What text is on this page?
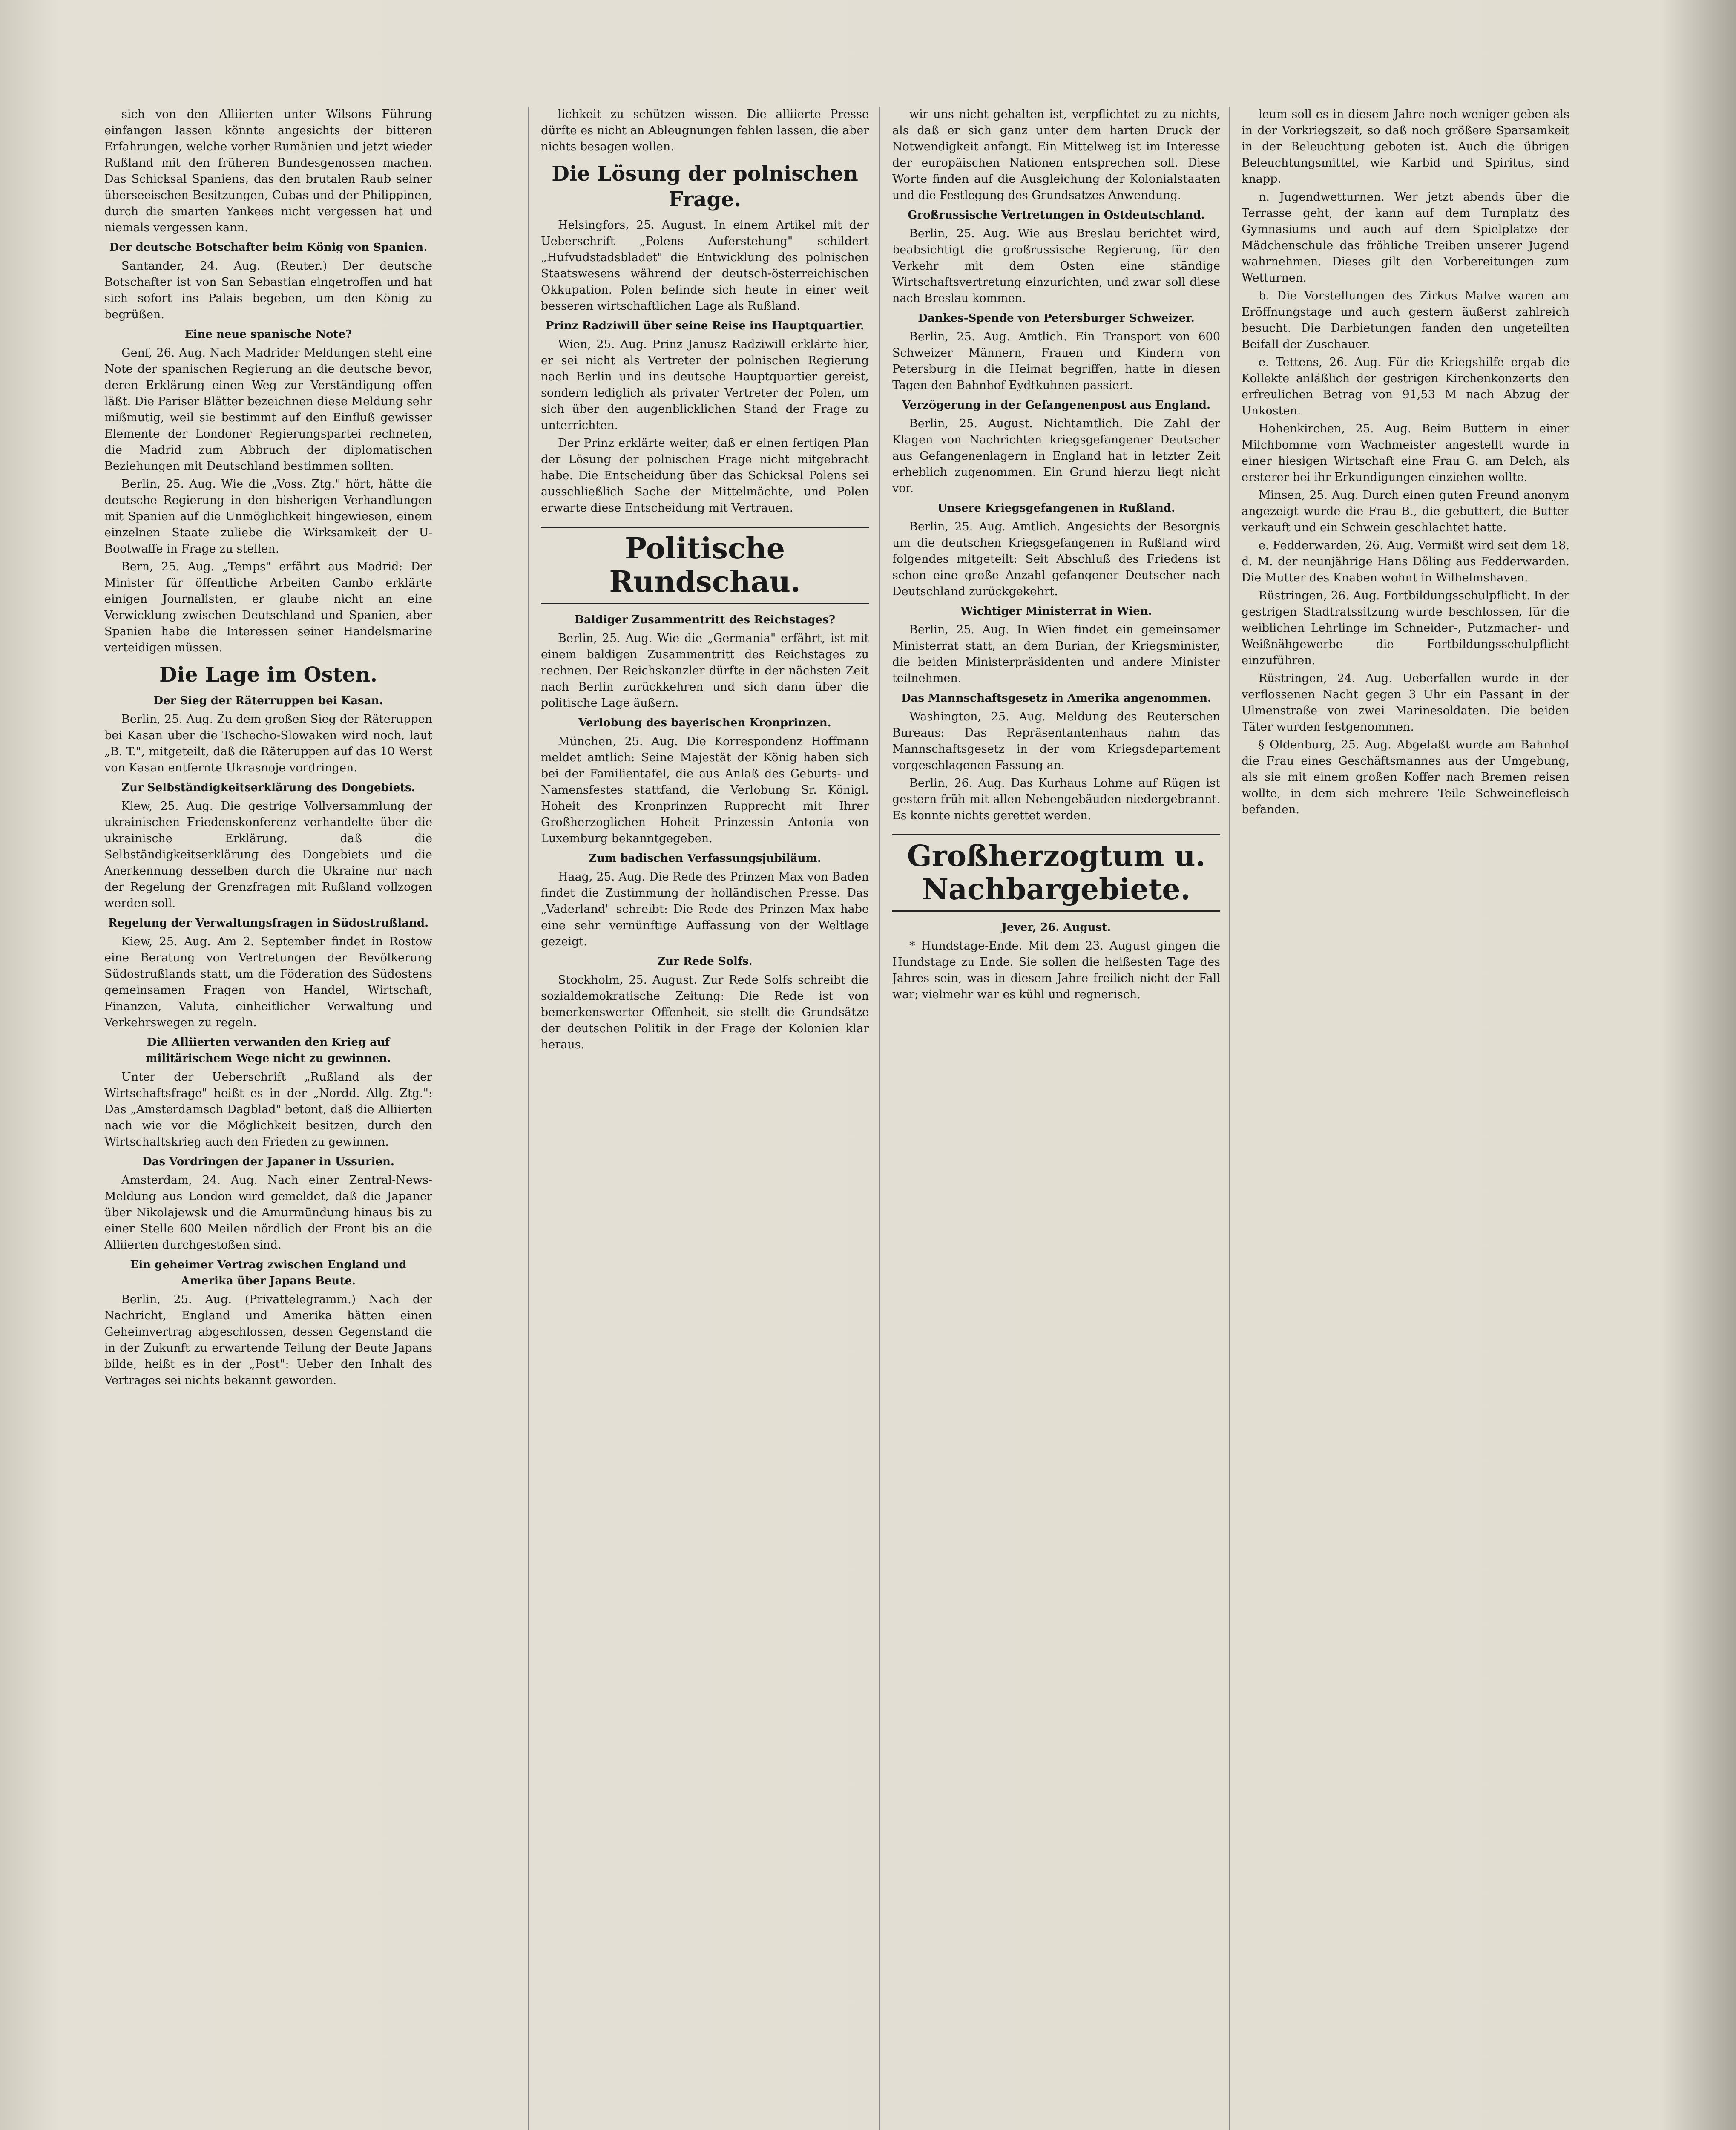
sich von den Alliierten unter Wilsons Führung einfangen lassen könnte angesichts der bitteren Erfahrungen, welche vorher Rumänien und jetzt wieder Rußland mit den früheren Bundesgenossen machen. Das Schicksal Spaniens, das den brutalen Raub seiner überseeischen Besitzungen, Cubas und der Philippinen, durch die smarten Yankees nicht vergessen hat und niemals vergessen kann.
Der deutsche Botschafter beim König von Spanien.
Santander, 24. Aug. (Reuter.) Der deutsche Botschafter ist von San Sebastian eingetroffen und hat sich sofort ins Palais begeben, um den König zu begrüßen.
Eine neue spanische Note?
Genf, 26. Aug. Nach Madrider Meldungen steht eine Note der spanischen Regierung an die deutsche bevor, deren Erklärung einen Weg zur Verständigung offen läßt. Die Pariser Blätter bezeichnen diese Meldung sehr mißmutig, weil sie bestimmt auf den Einfluß gewisser Elemente der Londoner Regierungspartei rechneten, die Madrid zum Abbruch der diplomatischen Beziehungen mit Deutschland bestimmen sollten.
Berlin, 25. Aug. Wie die „Voss. Ztg." hört, hätte die deutsche Regierung in den bisherigen Verhandlungen mit Spanien auf die Unmöglichkeit hingewiesen, einem einzelnen Staate zuliebe die Wirksamkeit der U-Bootwaffe in Frage zu stellen.
Bern, 25. Aug. „Temps" erfährt aus Madrid: Der Minister für öffentliche Arbeiten Cambo erklärte einigen Journalisten, er glaube nicht an eine Verwicklung zwischen Deutschland und Spanien, aber Spanien habe die Interessen seiner Handelsmarine verteidigen müssen.
Die Lage im Osten.
Der Sieg der Räterruppen bei Kasan.
Berlin, 25. Aug. Zu dem großen Sieg der Räteruppen bei Kasan über die Tschecho-Slowaken wird noch, laut „B. T.", mitgeteilt, daß die Räteruppen auf das 10 Werst von Kasan entfernte Ukrasnoje vordringen.
Zur Selbständigkeitserklärung des Dongebiets.
Kiew, 25. Aug. Die gestrige Vollversammlung der ukrainischen Friedenskonferenz verhandelte über die ukrainische Erklärung, daß die Selbständigkeitserklärung des Dongebiets und die Anerkennung desselben durch die Ukraine nur nach der Regelung der Grenzfragen mit Rußland vollzogen werden soll.
Regelung der Verwaltungsfragen in Südostrußland.
Kiew, 25. Aug. Am 2. September findet in Rostow eine Beratung von Vertretungen der Bevölkerung Südostrußlands statt, um die Föderation des Südostens gemeinsamen Fragen von Handel, Wirtschaft, Finanzen, Valuta, einheitlicher Verwaltung und Verkehrswegen zu regeln.
Die Alliierten verwanden den Krieg auf militärischem Wege nicht zu gewinnen.
Unter der Ueberschrift „Rußland als der Wirtschaftsfrage" heißt es in der „Nordd. Allg. Ztg.": Das „Amsterdamsch Dagblad" betont, daß die Alliierten nach wie vor die Möglichkeit besitzen, durch den Wirtschaftskrieg auch den Frieden zu gewinnen.
Das Vordringen der Japaner in Ussurien.
Amsterdam, 24. Aug. Nach einer Zentral-News-Meldung aus London wird gemeldet, daß die Japaner über Nikolajewsk und die Amurmündung hinaus bis zu einer Stelle 600 Meilen nördlich der Front bis an die Alliierten durchgestoßen sind.
Ein geheimer Vertrag zwischen England und Amerika über Japans Beute.
Berlin, 25. Aug. (Privattelegramm.) Nach der Nachricht, England und Amerika hätten einen Geheimvertrag abgeschlossen, dessen Gegenstand die in der Zukunft zu erwartende Teilung der Beute Japans bilde, heißt es in der „Post": Ueber den Inhalt des Vertrages sei nichts bekannt geworden.
lichkeit zu schützen wissen. Die alliierte Presse dürfte es nicht an Ableugnungen fehlen lassen, die aber nichts besagen wollen.
Die Lösung der polnischen Frage.
Helsingfors, 25. August. In einem Artikel mit der Ueberschrift „Polens Auferstehung" schildert „Hufvudstadsbladet" die Entwicklung des polnischen Staatswesens während der deutsch-österreichischen Okkupation. Polen befinde sich heute in einer weit besseren wirtschaftlichen Lage als Rußland.
Prinz Radziwill über seine Reise ins Hauptquartier.
Wien, 25. Aug. Prinz Janusz Radziwill erklärte hier, er sei nicht als Vertreter der polnischen Regierung nach Berlin und ins deutsche Hauptquartier gereist, sondern lediglich als privater Vertreter der Polen, um sich über den augenblicklichen Stand der Frage zu unterrichten.
Der Prinz erklärte weiter, daß er einen fertigen Plan der Lösung der polnischen Frage nicht mitgebracht habe. Die Entscheidung über das Schicksal Polens sei ausschließlich Sache der Mittelmächte, und Polen erwarte diese Entscheidung mit Vertrauen.
Politische Rundschau.
Baldiger Zusammentritt des Reichstages?
Berlin, 25. Aug. Wie die „Germania" erfährt, ist mit einem baldigen Zusammentritt des Reichstages zu rechnen. Der Reichskanzler dürfte in der nächsten Zeit nach Berlin zurückkehren und sich dann über die politische Lage äußern.
Verlobung des bayerischen Kronprinzen.
München, 25. Aug. Die Korrespondenz Hoffmann meldet amtlich: Seine Majestät der König haben sich bei der Familientafel, die aus Anlaß des Geburts- und Namensfestes stattfand, die Verlobung Sr. Königl. Hoheit des Kronprinzen Rupprecht mit Ihrer Großherzoglichen Hoheit Prinzessin Antonia von Luxemburg bekanntgegeben.
Zum badischen Verfassungsjubiläum.
Haag, 25. Aug. Die Rede des Prinzen Max von Baden findet die Zustimmung der holländischen Presse. Das „Vaderland" schreibt: Die Rede des Prinzen Max habe eine sehr vernünftige Auffassung von der Weltlage gezeigt.
Zur Rede Solfs.
Stockholm, 25. August. Zur Rede Solfs schreibt die sozialdemokratische Zeitung: Die Rede ist von bemerkenswerter Offenheit, sie stellt die Grundsätze der deutschen Politik in der Frage der Kolonien klar heraus.
wir uns nicht gehalten ist, verpflichtet zu zu nichts, als daß er sich ganz unter dem harten Druck der Notwendigkeit anfangt. Ein Mittelweg ist im Interesse der europäischen Nationen entsprechen soll. Diese Worte finden auf die Ausgleichung der Kolonialstaaten und die Festlegung des Grundsatzes Anwendung.
Großrussische Vertretungen in Ostdeutschland.
Berlin, 25. Aug. Wie aus Breslau berichtet wird, beabsichtigt die großrussische Regierung, für den Verkehr mit dem Osten eine ständige Wirtschaftsvertretung einzurichten, und zwar soll diese nach Breslau kommen.
Dankes-Spende von Petersburger Schweizer.
Berlin, 25. Aug. Amtlich. Ein Transport von 600 Schweizer Männern, Frauen und Kindern von Petersburg in die Heimat begriffen, hatte in diesen Tagen den Bahnhof Eydtkuhnen passiert.
Verzögerung in der Gefangenenpost aus England.
Berlin, 25. August. Nichtamtlich. Die Zahl der Klagen von Nachrichten kriegsgefangener Deutscher aus Gefangenenlagern in England hat in letzter Zeit erheblich zugenommen. Ein Grund hierzu liegt nicht vor.
Unsere Kriegsgefangenen in Rußland.
Berlin, 25. Aug. Amtlich. Angesichts der Besorgnis um die deutschen Kriegsgefangenen in Rußland wird folgendes mitgeteilt: Seit Abschluß des Friedens ist schon eine große Anzahl gefangener Deutscher nach Deutschland zurückgekehrt.
Wichtiger Ministerrat in Wien.
Berlin, 25. Aug. In Wien findet ein gemeinsamer Ministerrat statt, an dem Burian, der Kriegsminister, die beiden Ministerpräsidenten und andere Minister teilnehmen.
Das Mannschaftsgesetz in Amerika angenommen.
Washington, 25. Aug. Meldung des Reuterschen Bureaus: Das Repräsentantenhaus nahm das Mannschaftsgesetz in der vom Kriegsdepartement vorgeschlagenen Fassung an.
Berlin, 26. Aug. Das Kurhaus Lohme auf Rügen ist gestern früh mit allen Nebengebäuden niedergebrannt. Es konnte nichts gerettet werden.
Großherzogtum u. Nachbargebiete.
Jever, 26. August.
* Hundstage-Ende. Mit dem 23. August gingen die Hundstage zu Ende. Sie sollen die heißesten Tage des Jahres sein, was in diesem Jahre freilich nicht der Fall war; vielmehr war es kühl und regnerisch.
leum soll es in diesem Jahre noch weniger geben als in der Vorkriegszeit, so daß noch größere Sparsamkeit in der Beleuchtung geboten ist. Auch die übrigen Beleuchtungsmittel, wie Karbid und Spiritus, sind knapp.
n. Jugendwetturnen. Wer jetzt abends über die Terrasse geht, der kann auf dem Turnplatz des Gymnasiums und auch auf dem Spielplatze der Mädchenschule das fröhliche Treiben unserer Jugend wahrnehmen. Dieses gilt den Vorbereitungen zum Wetturnen.
b. Die Vorstellungen des Zirkus Malve waren am Eröffnungstage und auch gestern äußerst zahlreich besucht. Die Darbietungen fanden den ungeteilten Beifall der Zuschauer.
e. Tettens, 26. Aug. Für die Kriegshilfe ergab die Kollekte anläßlich der gestrigen Kirchenkonzerts den erfreulichen Betrag von 91,53 M nach Abzug der Unkosten.
Hohenkirchen, 25. Aug. Beim Buttern in einer Milchbomme vom Wachmeister angestellt wurde in einer hiesigen Wirtschaft eine Frau G. am Delch, als ersterer bei ihr Erkundigungen einziehen wollte.
Minsen, 25. Aug. Durch einen guten Freund anonym angezeigt wurde die Frau B., die gebuttert, die Butter verkauft und ein Schwein geschlachtet hatte.
e. Fedderwarden, 26. Aug. Vermißt wird seit dem 18. d. M. der neunjährige Hans Döling aus Fedderwarden. Die Mutter des Knaben wohnt in Wilhelmshaven.
Rüstringen, 26. Aug. Fortbildungsschulpflicht. In der gestrigen Stadtratssitzung wurde beschlossen, für die weiblichen Lehrlinge im Schneider-, Putzmacher- und Weißnähgewerbe die Fortbildungsschulpflicht einzuführen.
Rüstringen, 24. Aug. Ueberfallen wurde in der verflossenen Nacht gegen 3 Uhr ein Passant in der Ulmenstraße von zwei Marinesoldaten. Die beiden Täter wurden festgenommen.
§ Oldenburg, 25. Aug. Abgefaßt wurde am Bahnhof die Frau eines Geschäftsmannes aus der Umgebung, als sie mit einem großen Koffer nach Bremen reisen wollte, in dem sich mehrere Teile Schweinefleisch befanden.
